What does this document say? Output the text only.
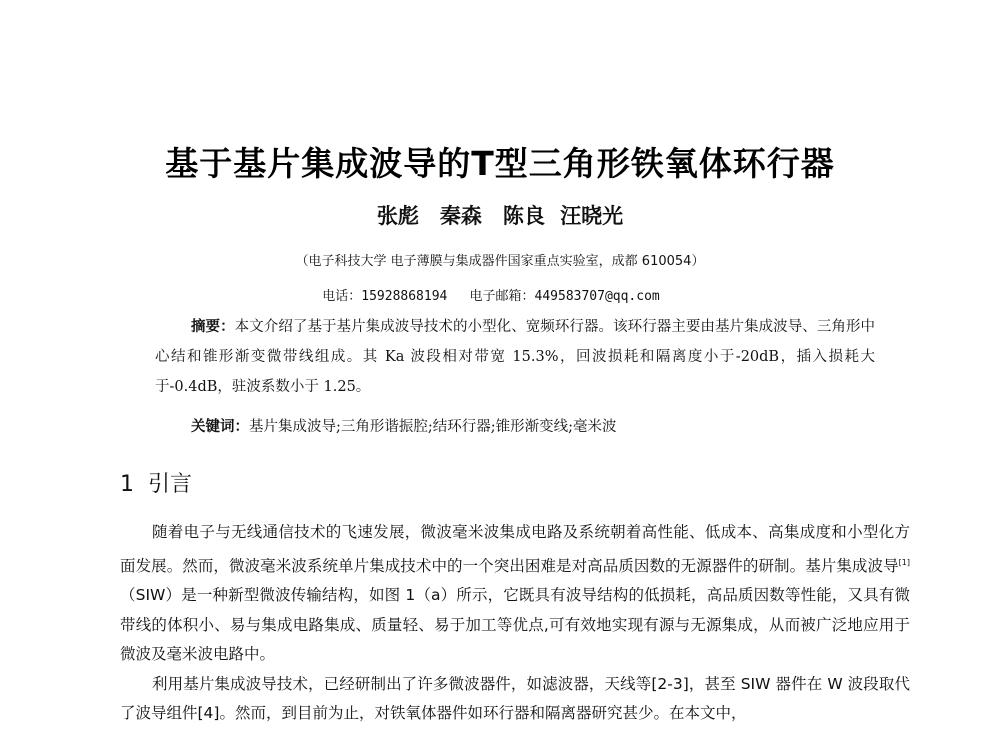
基于基片集成波导的T型三角形铁氧体环行器
张彪　秦森　陈良 汪晓光
（电子科技大学 电子薄膜与集成器件国家重点实验室，成都 610054）
电话：15928868194 电子邮箱：449583707@qq.com
摘要：本文介绍了基于基片集成波导技术的小型化、宽频环行器。该环行器主要由基片集成波导、三角形中心结和锥形渐变微带线组成。其 Ka 波段相对带宽 15.3%，回波损耗和隔离度小于-20dB，插入损耗大于-0.4dB，驻波系数小于 1.25。
关键词：基片集成波导;三角形谐振腔;结环行器;锥形渐变线;毫米波
1 引言

随着电子与无线通信技术的飞速发展，微波毫米波集成电路及系统朝着高性能、低成本、高集成度和小型化方面发展。然而，微波毫米波系统单片集成技术中的一个突出困难是对高品质因数的无源器件的研制。基片集成波导[1]（SIW）是一种新型微波传输结构，如图 1（a）所示，它既具有波导结构的低损耗，高品质因数等性能，又具有微带线的体积小、易与集成电路集成、质量轻、易于加工等优点,可有效地实现有源与无源集成，从而被广泛地应用于微波及毫米波电路中。

利用基片集成波导技术，已经研制出了许多微波器件，如滤波器，天线等[2-3]，甚至 SIW 器件在 W 波段取代了波导组件[4]。然而，到目前为止，对铁氧体器件如环行器和隔离器研究甚少。在本文中，
